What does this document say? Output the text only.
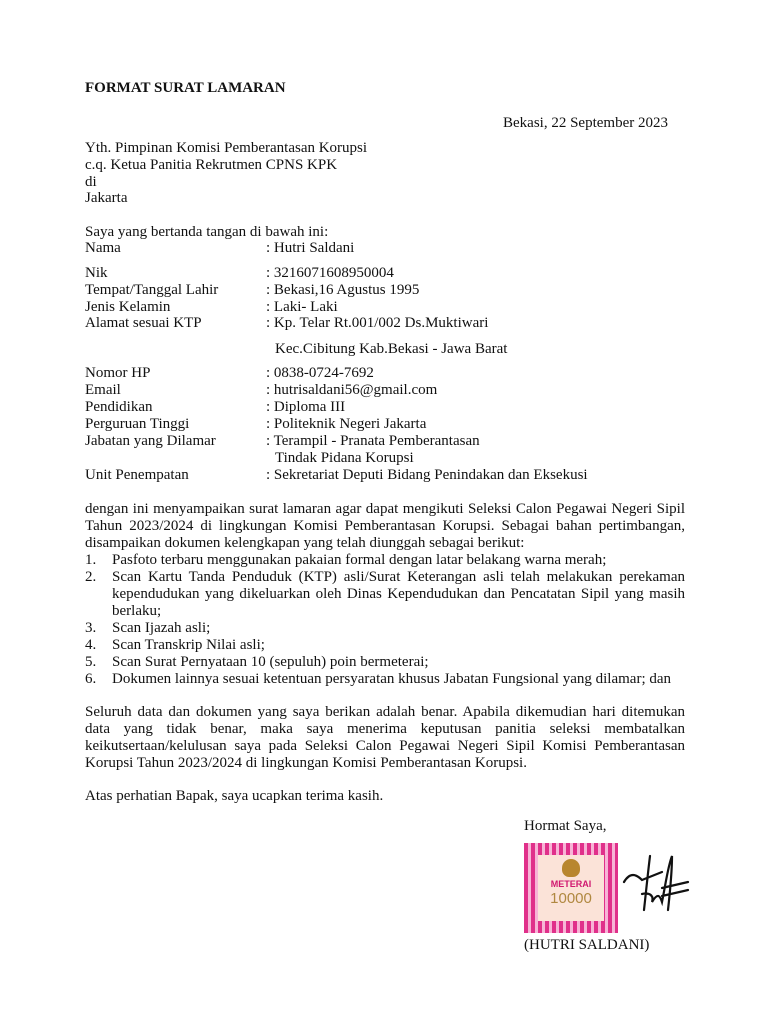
FORMAT SURAT LAMARAN
Bekasi, 22 September 2023
Yth. Pimpinan Komisi Pemberantasan Korupsi
c.q. Ketua Panitia Rekrutmen CPNS KPK
di
Jakarta
Saya yang bertanda tangan di bawah ini:
Nama	: Hutri Saldani
Nik	: 3216071608950004
Tempat/Tanggal Lahir	: Bekasi,16 Agustus 1995
Jenis Kelamin	: Laki- Laki
Alamat sesuai KTP	: Kp. Telar Rt.001/002 Ds.Muktiwari
Kec.Cibitung Kab.Bekasi - Jawa Barat
Nomor HP	: 0838-0724-7692
Email	: hutrisaldani56@gmail.com
Pendidikan	: Diploma III
Perguruan Tinggi	: Politeknik Negeri Jakarta
Jabatan yang Dilamar	: Terampil - Pranata Pemberantasan
Tindak Pidana Korupsi
Unit Penempatan	: Sekretariat Deputi Bidang Penindakan dan Eksekusi
dengan ini menyampaikan surat lamaran agar dapat mengikuti Seleksi Calon Pegawai Negeri Sipil
Tahun 2023/2024 di lingkungan Komisi Pemberantasan Korupsi. Sebagai bahan pertimbangan,
disampaikan dokumen kelengkapan yang telah diunggah sebagai berikut:
1. Pasfoto terbaru menggunakan pakaian formal dengan latar belakang warna merah;
2. Scan Kartu Tanda Penduduk (KTP) asli/Surat Keterangan asli telah melakukan perekaman kependudukan yang dikeluarkan oleh Dinas Kependudukan dan Pencatatan Sipil yang masih berlaku;
3. Scan Ijazah asli;
4. Scan Transkrip Nilai asli;
5. Scan Surat Pernyataan 10 (sepuluh) poin bermeterai;
6. Dokumen lainnya sesuai ketentuan persyaratan khusus Jabatan Fungsional yang dilamar; dan
Seluruh data dan dokumen yang saya berikan adalah benar. Apabila dikemudian hari ditemukan
data yang tidak benar, maka saya menerima keputusan panitia seleksi membatalkan
keikutsertaan/kelulusan saya pada Seleksi Calon Pegawai Negeri Sipil Komisi Pemberantasan
Korupsi Tahun 2023/2024 di lingkungan Komisi Pemberantasan Korupsi.
Atas perhatian Bapak, saya ucapkan terima kasih.
Hormat Saya,
METERAI
10000
(HUTRI SALDANI)
